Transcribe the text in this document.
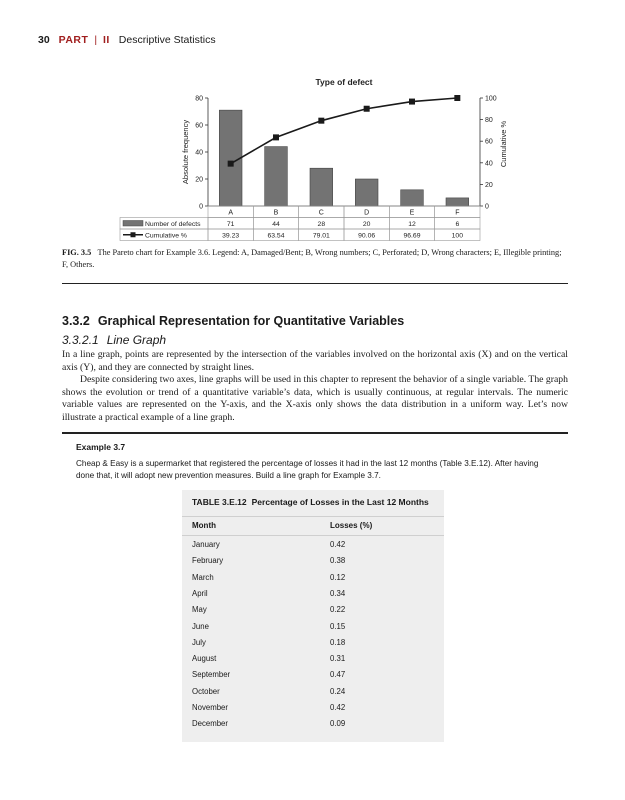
30 PART | II Descriptive Statistics
Type of defect
80
60
40
20
0
100
80
60
40
20
0
Absolute frequency	Cumulative %
A	B	C	D	E	F
Number of defects	71	44	28	20	12	6
Cumulative %	39.23	63.54	79.01	90.06	96.69	100
FIG. 3.5 The Pareto chart for Example 3.6. Legend: A, Damaged/Bent; B, Wrong numbers; C, Perforated; D, Wrong characters; E, Illegible printing; F, Others.
3.3.2 Graphical Representation for Quantitative Variables
3.3.2.1 Line Graph

In a line graph, points are represented by the intersection of the variables involved on the horizontal axis (X) and on the vertical axis (Y), and they are connected by straight lines.

Despite considering two axes, line graphs will be used in this chapter to represent the behavior of a single variable. The graph shows the evolution or trend of a quantitative variable’s data, which is usually continuous, at regular intervals. The numeric variable values are represented on the Y-axis, and the X-axis only shows the data distribution in a uniform way. Let’s now illustrate a practical example of a line graph.

Example 3.7

Cheap & Easy is a supermarket that registered the percentage of losses it had in the last 12 months (Table 3.E.12). After having done that, it will adopt new prevention measures. Build a line graph for Example 3.7.

TABLE 3.E.12 Percentage of Losses in the Last 12 Months
Month	Losses (%)
January	0.42
February	0.38
March	0.12
April	0.34
May	0.22
June	0.15
July	0.18
August	0.31
September	0.47
October	0.24
November	0.42
December	0.09
